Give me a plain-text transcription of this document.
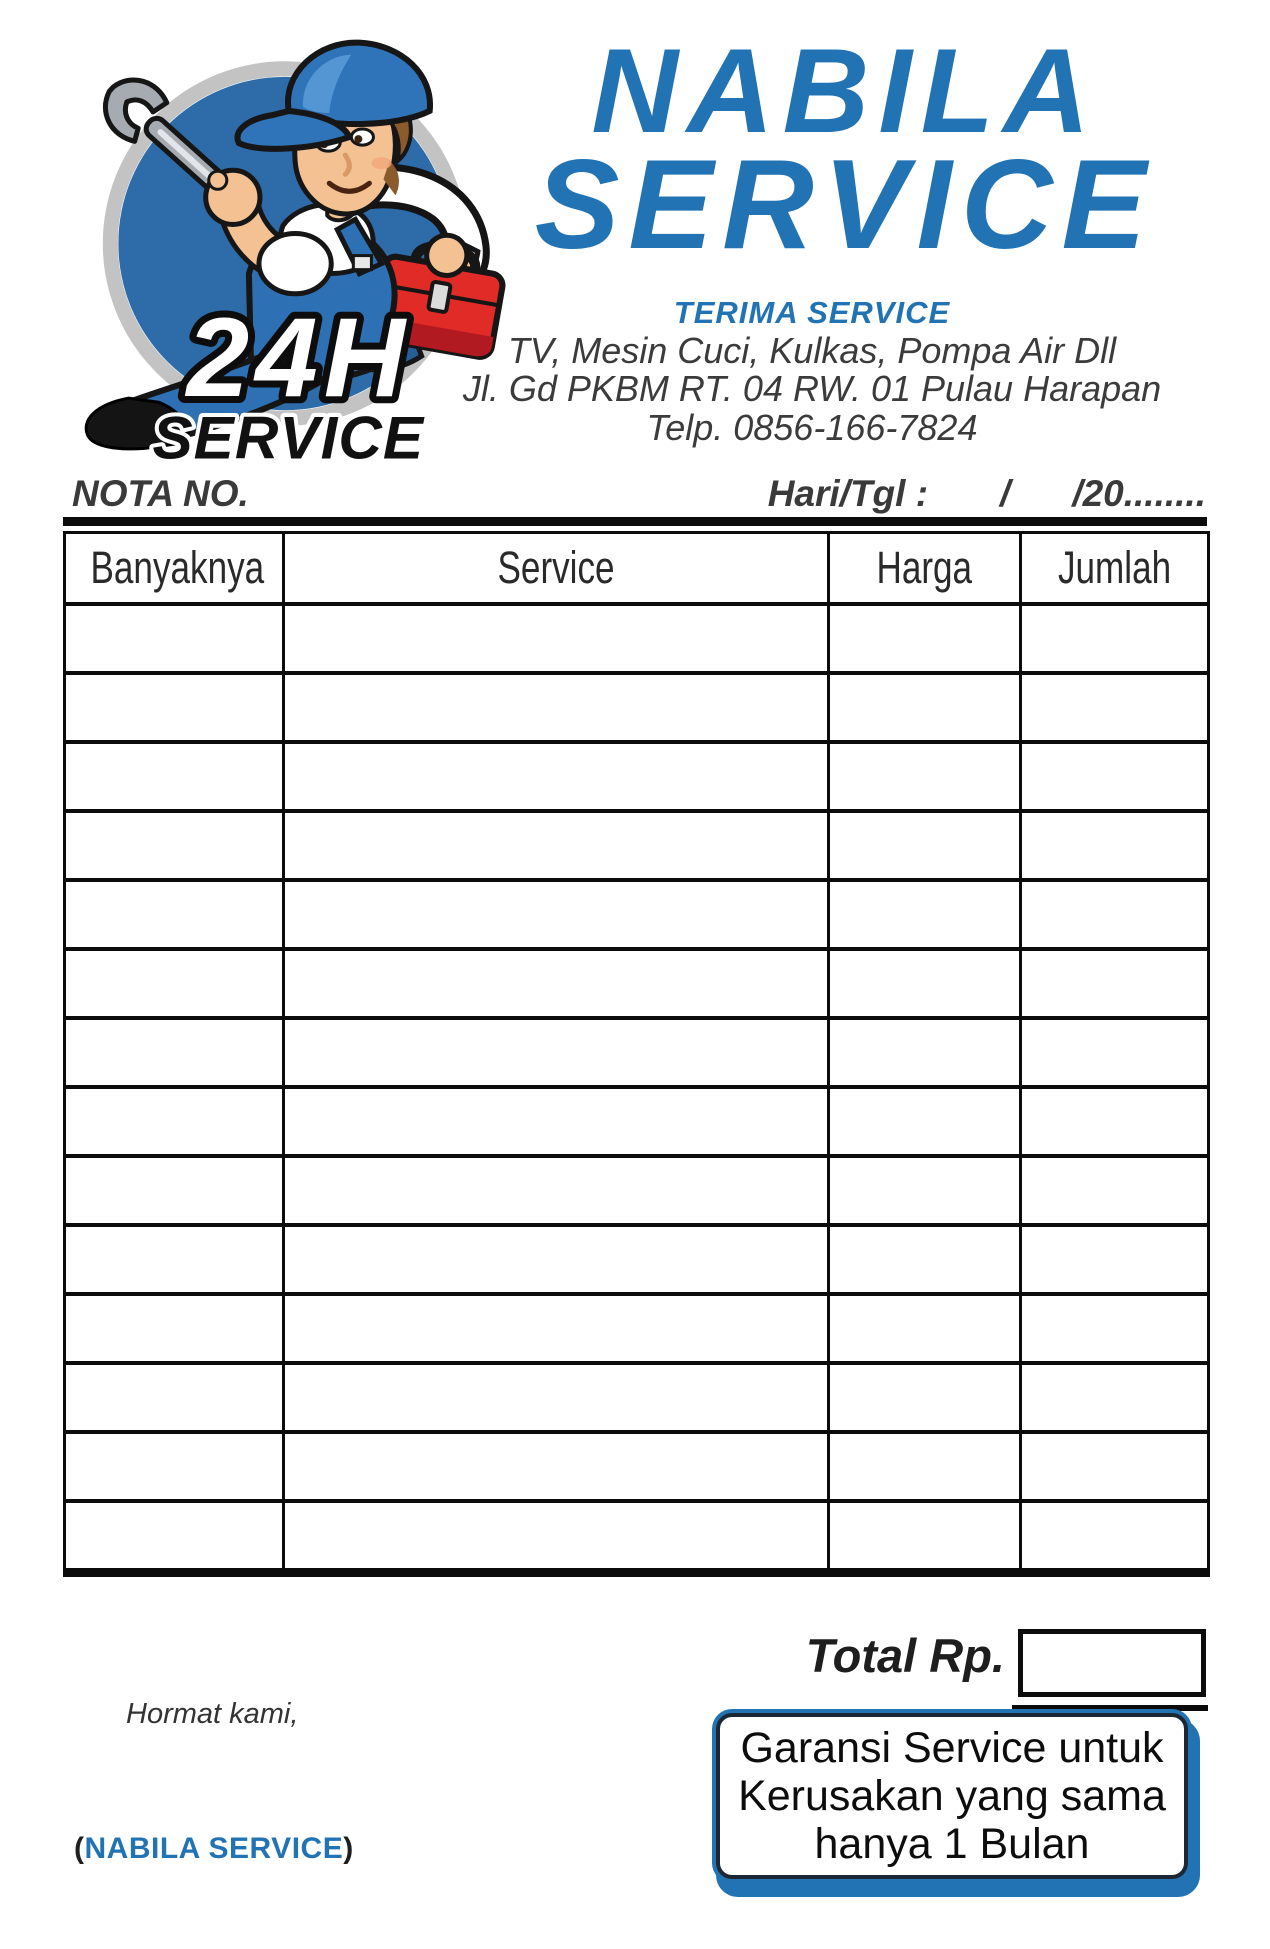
24H
SERVICE
NABILA
SERVICE
TERIMA SERVICE
TV, Mesin Cuci, Kulkas, Pompa Air Dll
Jl. Gd PKBM RT. 04 RW. 01 Pulau Harapan
Telp. 0856-166-7824
NOTA NO.	Hari/Tgl : / /20........
Banyaknya	Service	Harga	Jumlah

Total Rp.
Hormat kami,
(NABILA SERVICE)
Garansi Service untuk
Kerusakan yang sama
hanya 1 Bulan
